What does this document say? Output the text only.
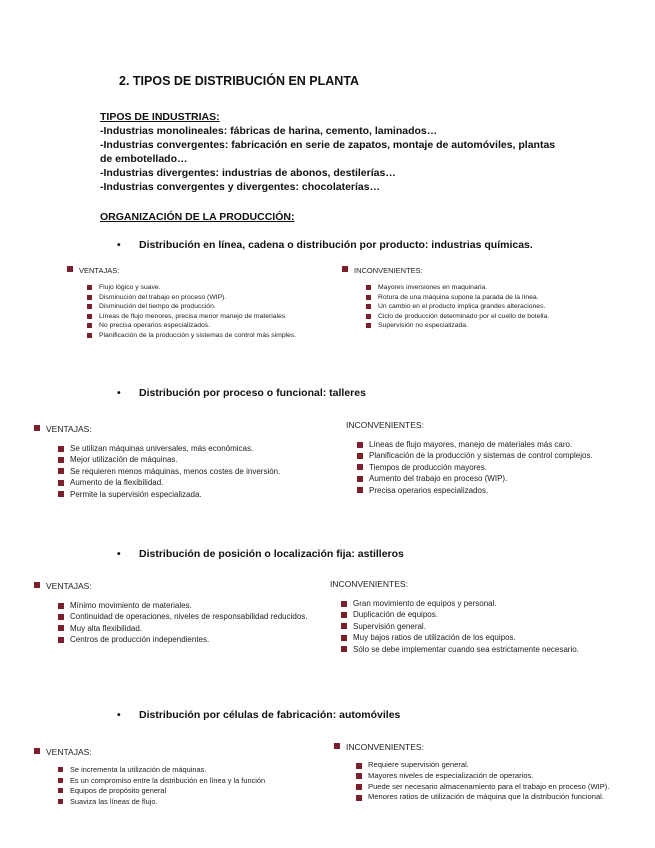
2. TIPOS DE DISTRIBUCIÓN EN PLANTA
TIPOS DE INDUSTRIAS:
-Industrias monolineales: fábricas de harina, cemento, laminados…
-Industrias convergentes: fabricación en serie de zapatos, montaje de automóviles, plantas
de embotellado…
-Industrias divergentes: industrias de abonos, destilerías…
-Industrias convergentes y divergentes: chocolaterías…
ORGANIZACIÓN DE LA PRODUCCIÓN:
• Distribución en línea, cadena o distribución por producto: industrias químicas.
VENTAJAS:
Flujo lógico y suave.
Disminución del trabajo en proceso (WIP).
Disminución del tiempo de producción.
Líneas de flujo menores, precisa menor manejo de materiales
No precisa operarios especializados.
Planificación de la producción y sistemas de control más simples.
INCONVENIENTES:
Mayores inversiones en maquinaria.
Rotura de una máquina supone la parada de la línea.
Un cambio en el producto implica grandes alteraciones.
Ciclo de producción determinado por el cuello de botella.
Supervisión no especializada.
• Distribución por proceso o funcional: talleres
VENTAJAS:
Se utilizan máquinas universales, más económicas.
Mejor utilización de máquinas.
Se requieren menos máquinas, menos costes de inversión.
Aumento de la flexibilidad.
Permite la supervisión especializada.
INCONVENIENTES:
Líneas de flujo mayores, manejo de materiales más caro.
Planificación de la producción y sistemas de control complejos.
Tiempos de producción mayores.
Aumento del trabajo en proceso (WIP).
Precisa operarios especializados.
• Distribución de posición o localización fija: astilleros
VENTAJAS:
Mínimo movimiento de materiales.
Continuidad de operaciones, niveles de responsabilidad reducidos.
Muy alta flexibilidad.
Centros de producción independientes.
INCONVENIENTES:
Gran movimiento de equipos y personal.
Duplicación de equipos.
Supervisión general.
Muy bajos ratios de utilización de los equipos.
Sólo se debe implementar cuando sea estrictamente necesario.
• Distribución por células de fabricación: automóviles
VENTAJAS:
Se incrementa la utilización de máquinas.
Es un compromiso entre la distribución en línea y la función
Equipos de propósito general
Suaviza las líneas de flujo.
INCONVENIENTES:
Requiere supervisión general.
Mayores niveles de especialización de operarios.
Puede ser necesario almacenamiento para el trabajo en proceso (WIP).
Menores ratios de utilización de máquina que la distribución funcional.
